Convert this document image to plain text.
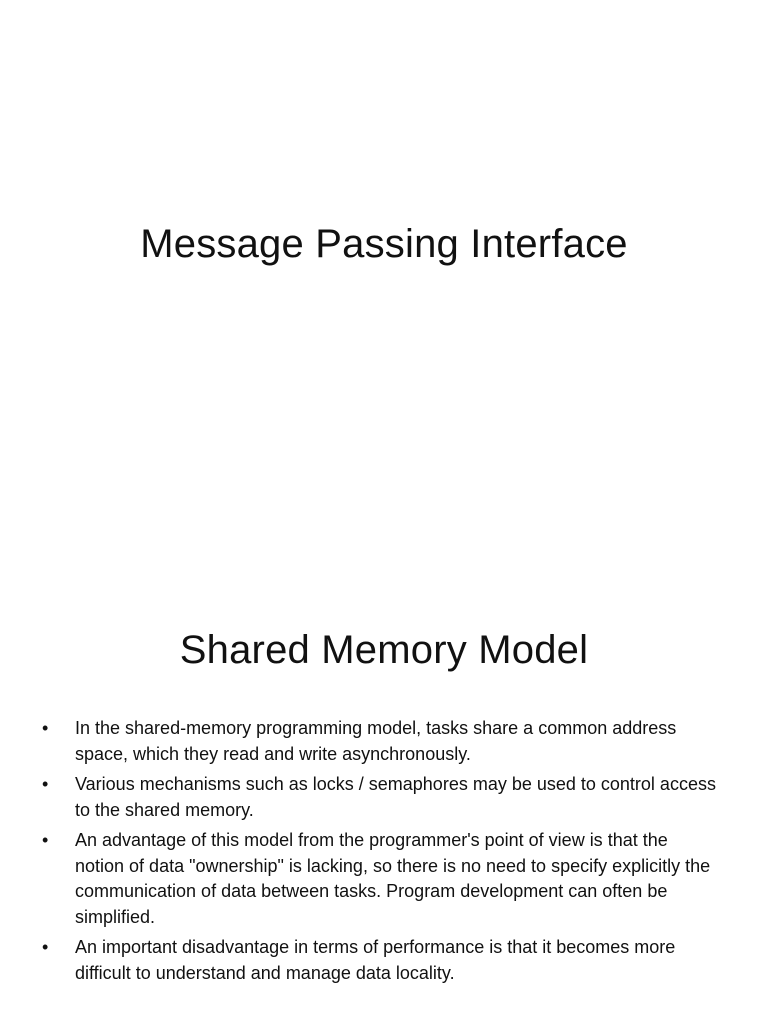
Message Passing Interface
Shared Memory Model
• In the shared-memory programming model, tasks share a common address space, which they read and write asynchronously.
• Various mechanisms such as locks / semaphores may be used to control access to the shared memory.
• An advantage of this model from the programmer's point of view is that the notion of data "ownership" is lacking, so there is no need to specify explicitly the communication of data between tasks. Program development can often be simplified.
• An important disadvantage in terms of performance is that it becomes more difficult to understand and manage data locality.
